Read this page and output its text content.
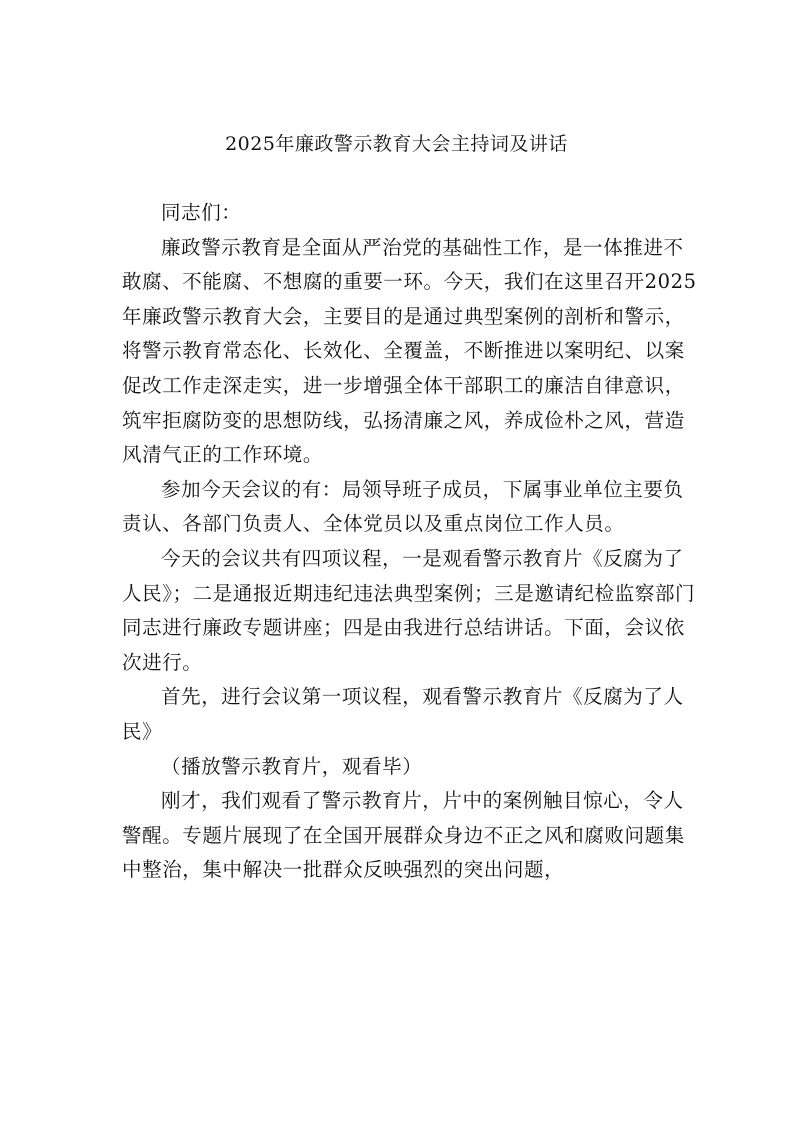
2025年廉政警示教育大会主持词及讲话

同志们：

廉政警示教育是全面从严治党的基础性工作，是一体推进不敢腐、不能腐、不想腐的重要一环。今天，我们在这里召开2025年廉政警示教育大会，主要目的是通过典型案例的剖析和警示，将警示教育常态化、长效化、全覆盖，不断推进以案明纪、以案促改工作走深走实，进一步增强全体干部职工的廉洁自律意识，筑牢拒腐防变的思想防线，弘扬清廉之风，养成俭朴之风，营造风清气正的工作环境。

参加今天会议的有：局领导班子成员，下属事业单位主要负责认、各部门负责人、全体党员以及重点岗位工作人员。

今天的会议共有四项议程，一是观看警示教育片《反腐为了人民》；二是通报近期违纪违法典型案例；三是邀请纪检监察部门同志进行廉政专题讲座；四是由我进行总结讲话。下面，会议依次进行。

首先，进行会议第一项议程，观看警示教育片《反腐为了人民》

（播放警示教育片，观看毕）

刚才，我们观看了警示教育片，片中的案例触目惊心，令人警醒。专题片展现了在全国开展群众身边不正之风和腐败问题集中整治，集中解决一批群众反映强烈的突出问题，
